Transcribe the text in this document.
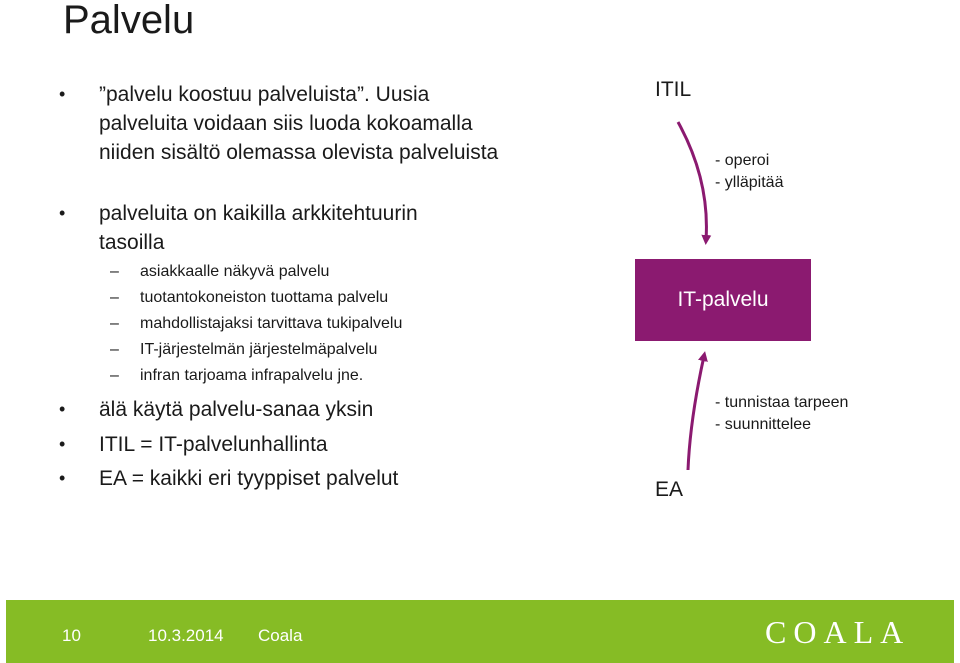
Palvelu
• ”palvelu koostuu palveluista”. Uusia palveluita voidaan siis luoda kokoamalla niiden sisältö olemassa olevista palveluista
• palveluita on kaikilla arkkitehtuurin tasoilla
– asiakkaalle näkyvä palvelu
– tuotantokoneiston tuottama palvelu
– mahdollistajaksi tarvittava tukipalvelu
– IT-järjestelmän järjestelmäpalvelu
– infran tarjoama infrapalvelu jne.
• älä käytä palvelu-sanaa yksin
• ITIL = IT-palvelunhallinta
• EA = kaikki eri tyyppiset palvelut
ITIL
- operoi
- ylläpitää
IT-palvelu
- tunnistaa tarpeen
- suunnittelee
EA
10	10.3.2014 Coala	COALA
